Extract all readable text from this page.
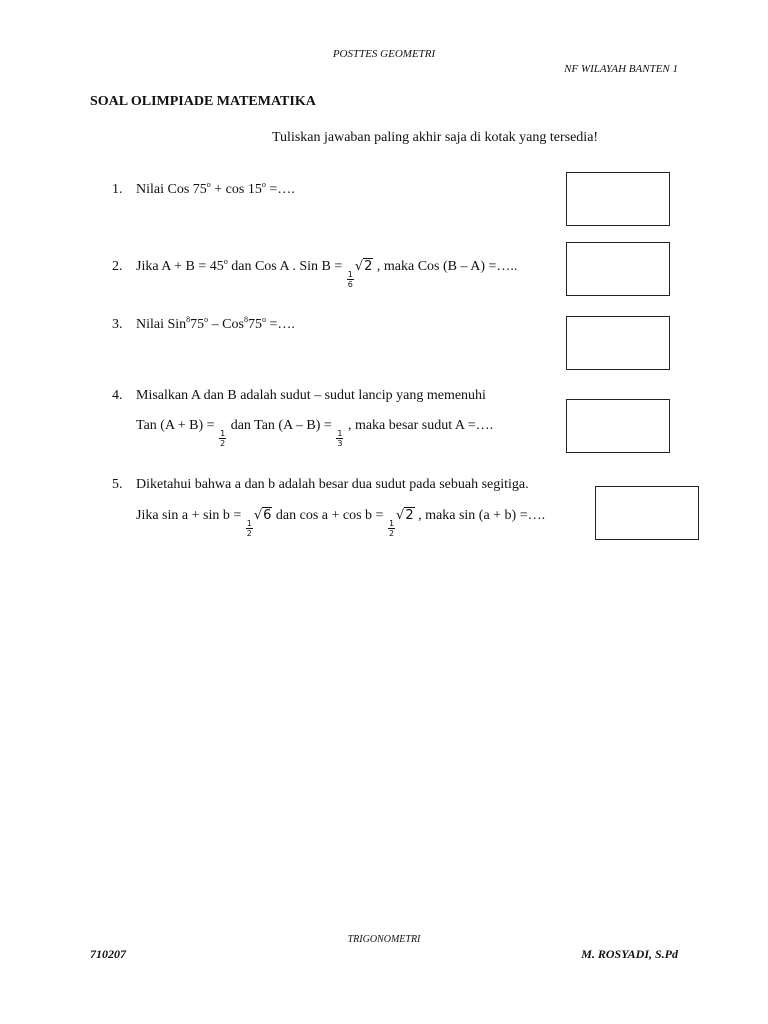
POSTTES GEOMETRI
NF WILAYAH BANTEN 1
SOAL OLIMPIADE MATEMATIKA
Tuliskan jawaban paling akhir saja di kotak yang tersedia!
1. Nilai Cos $75^o + \cos 15^o$ =….
2. Jika $A + B = 45^o$ dan Cos A . Sin B =
$\frac{1}{6}$
√2 , maka Cos (B – A) =…..
3. Nilai $Sin^875^o - Cos^875^o$ =….
4. Misalkan A dan B adalah sudut – sudut lancip yang memenuhi
Tan (A + B) =
$\frac{1}{2}$
dan Tan (A – B) =
$\frac{1}{3}$
, maka besar sudut A =….
5. Diketahui bahwa a dan b adalah besar dua sudut pada sebuah segitiga.
Jika sin a + sin b =
$\frac{1}{2}$
√6 dan cos a + cos b =
$\frac{1}{2}$
√2 , maka sin (a + b) =….
TRIGONOMETRI
710207	M. ROSYADI, S.Pd
